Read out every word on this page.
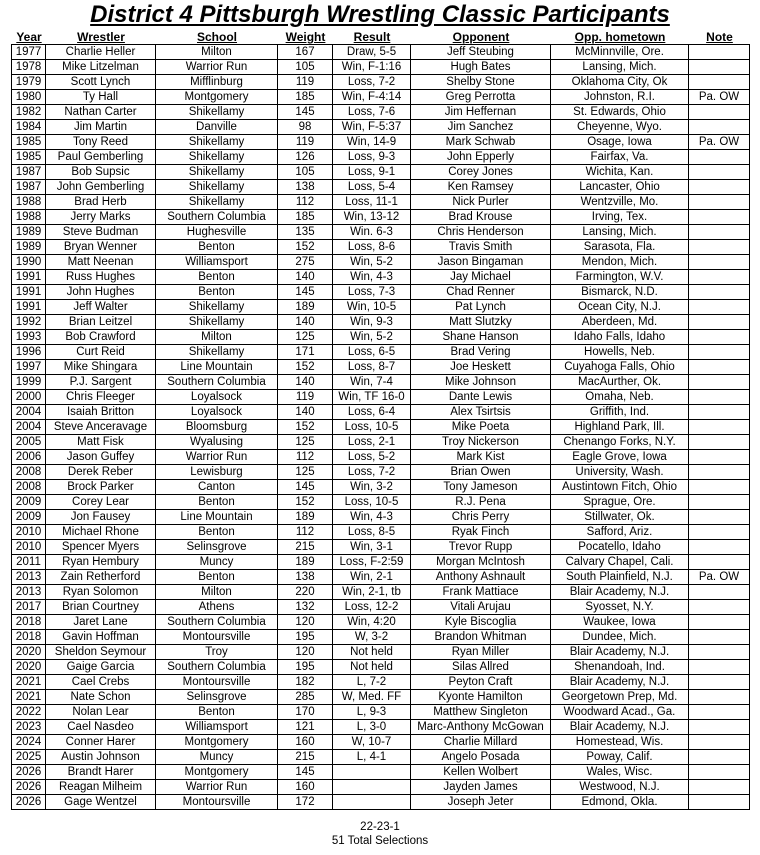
District 4 Pittsburgh Wrestling Classic Participants
Year	Wrestler	School	Weight	Result	Opponent	Opp. hometown	Note
1977	Charlie Heller	Milton	167	Draw, 5-5	Jeff Steubing	McMinnville, Ore.	
1978	Mike Litzelman	Warrior Run	105	Win, F-1:16	Hugh Bates	Lansing, Mich.	
1979	Scott Lynch	Mifflinburg	119	Loss, 7-2	Shelby Stone	Oklahoma City, Ok	
1980	Ty Hall	Montgomery	185	Win, F-4:14	Greg Perrotta	Johnston, R.I.	Pa. OW
1982	Nathan Carter	Shikellamy	145	Loss, 7-6	Jim Heffernan	St. Edwards, Ohio	
1984	Jim Martin	Danville	98	Win, F-5:37	Jim Sanchez	Cheyenne, Wyo.	
1985	Tony Reed	Shikellamy	119	Win, 14-9	Mark Schwab	Osage, Iowa	Pa. OW
1985	Paul Gemberling	Shikellamy	126	Loss, 9-3	John Epperly	Fairfax, Va.	
1987	Bob Supsic	Shikellamy	105	Loss, 9-1	Corey Jones	Wichita, Kan.	
1987	John Gemberling	Shikellamy	138	Loss, 5-4	Ken Ramsey	Lancaster, Ohio	
1988	Brad Herb	Shikellamy	112	Loss, 11-1	Nick Purler	Wentzville, Mo.	
1988	Jerry Marks	Southern Columbia	185	Win, 13-12	Brad Krouse	Irving, Tex.	
1989	Steve Budman	Hughesville	135	Win. 6-3	Chris Henderson	Lansing, Mich.	
1989	Bryan Wenner	Benton	152	Loss, 8-6	Travis Smith	Sarasota, Fla.	
1990	Matt Neenan	Williamsport	275	Win, 5-2	Jason Bingaman	Mendon, Mich.	
1991	Russ Hughes	Benton	140	Win, 4-3	Jay Michael	Farmington, W.V.	
1991	John Hughes	Benton	145	Loss, 7-3	Chad Renner	Bismarck, N.D.	
1991	Jeff Walter	Shikellamy	189	Win, 10-5	Pat Lynch	Ocean City, N.J.	
1992	Brian Leitzel	Shikellamy	140	Win, 9-3	Matt Slutzky	Aberdeen, Md.	
1993	Bob Crawford	Milton	125	Win, 5-2	Shane Hanson	Idaho Falls, Idaho	
1996	Curt Reid	Shikellamy	171	Loss, 6-5	Brad Vering	Howells, Neb.	
1997	Mike Shingara	Line Mountain	152	Loss, 8-7	Joe Heskett	Cuyahoga Falls, Ohio	
1999	P.J. Sargent	Southern Columbia	140	Win, 7-4	Mike Johnson	MacAurther, Ok.	
2000	Chris Fleeger	Loyalsock	119	Win, TF 16-0	Dante Lewis	Omaha, Neb.	
2004	Isaiah Britton	Loyalsock	140	Loss, 6-4	Alex Tsirtsis	Griffith, Ind.	
2004	Steve Anceravage	Bloomsburg	152	Loss, 10-5	Mike Poeta	Highland Park, Ill.	
2005	Matt Fisk	Wyalusing	125	Loss, 2-1	Troy Nickerson	Chenango Forks, N.Y.	
2006	Jason Guffey	Warrior Run	112	Loss, 5-2	Mark Kist	Eagle Grove, Iowa	
2008	Derek Reber	Lewisburg	125	Loss, 7-2	Brian Owen	University, Wash.	
2008	Brock Parker	Canton	145	Win, 3-2	Tony Jameson	Austintown Fitch, Ohio	
2009	Corey Lear	Benton	152	Loss, 10-5	R.J. Pena	Sprague, Ore.	
2009	Jon Fausey	Line Mountain	189	Win, 4-3	Chris Perry	Stillwater, Ok.	
2010	Michael Rhone	Benton	112	Loss, 8-5	Ryak Finch	Safford, Ariz.	
2010	Spencer Myers	Selinsgrove	215	Win, 3-1	Trevor Rupp	Pocatello, Idaho	
2011	Ryan Hembury	Muncy	189	Loss, F-2:59	Morgan McIntosh	Calvary Chapel, Cali.	
2013	Zain Retherford	Benton	138	Win, 2-1	Anthony Ashnault	South Plainfield, N.J.	Pa. OW
2013	Ryan Solomon	Milton	220	Win, 2-1, tb	Frank Mattiace	Blair Academy, N.J.	
2017	Brian Courtney	Athens	132	Loss, 12-2	Vitali Arujau	Syosset, N.Y.	
2018	Jaret Lane	Southern Columbia	120	Win, 4:20	Kyle Biscoglia	Waukee, Iowa	
2018	Gavin Hoffman	Montoursville	195	W, 3-2	Brandon Whitman	Dundee, Mich.	
2020	Sheldon Seymour	Troy	120	Not held	Ryan Miller	Blair Academy, N.J.	
2020	Gaige Garcia	Southern Columbia	195	Not held	Silas Allred	Shenandoah, Ind.	
2021	Cael Crebs	Montoursville	182	L, 7-2	Peyton Craft	Blair Academy, N.J.	
2021	Nate Schon	Selinsgrove	285	W, Med. FF	Kyonte Hamilton	Georgetown Prep, Md.	
2022	Nolan Lear	Benton	170	L, 9-3	Matthew Singleton	Woodward Acad., Ga.	
2023	Cael Nasdeo	Williamsport	121	L, 3-0	Marc-Anthony McGowan	Blair Academy, N.J.	
2024	Conner Harer	Montgomery	160	W, 10-7	Charlie Millard	Homestead, Wis.	
2025	Austin Johnson	Muncy	215	L, 4-1	Angelo Posada	Poway, Calif.	
2026	Brandt Harer	Montgomery	145		Kellen Wolbert	Wales, Wisc.	
2026	Reagan Milheim	Warrior Run	160		Jayden James	Westwood, N.J.	
2026	Gage Wentzel	Montoursville	172		Joseph Jeter	Edmond, Okla.	
22-23-1
51 Total Selections
